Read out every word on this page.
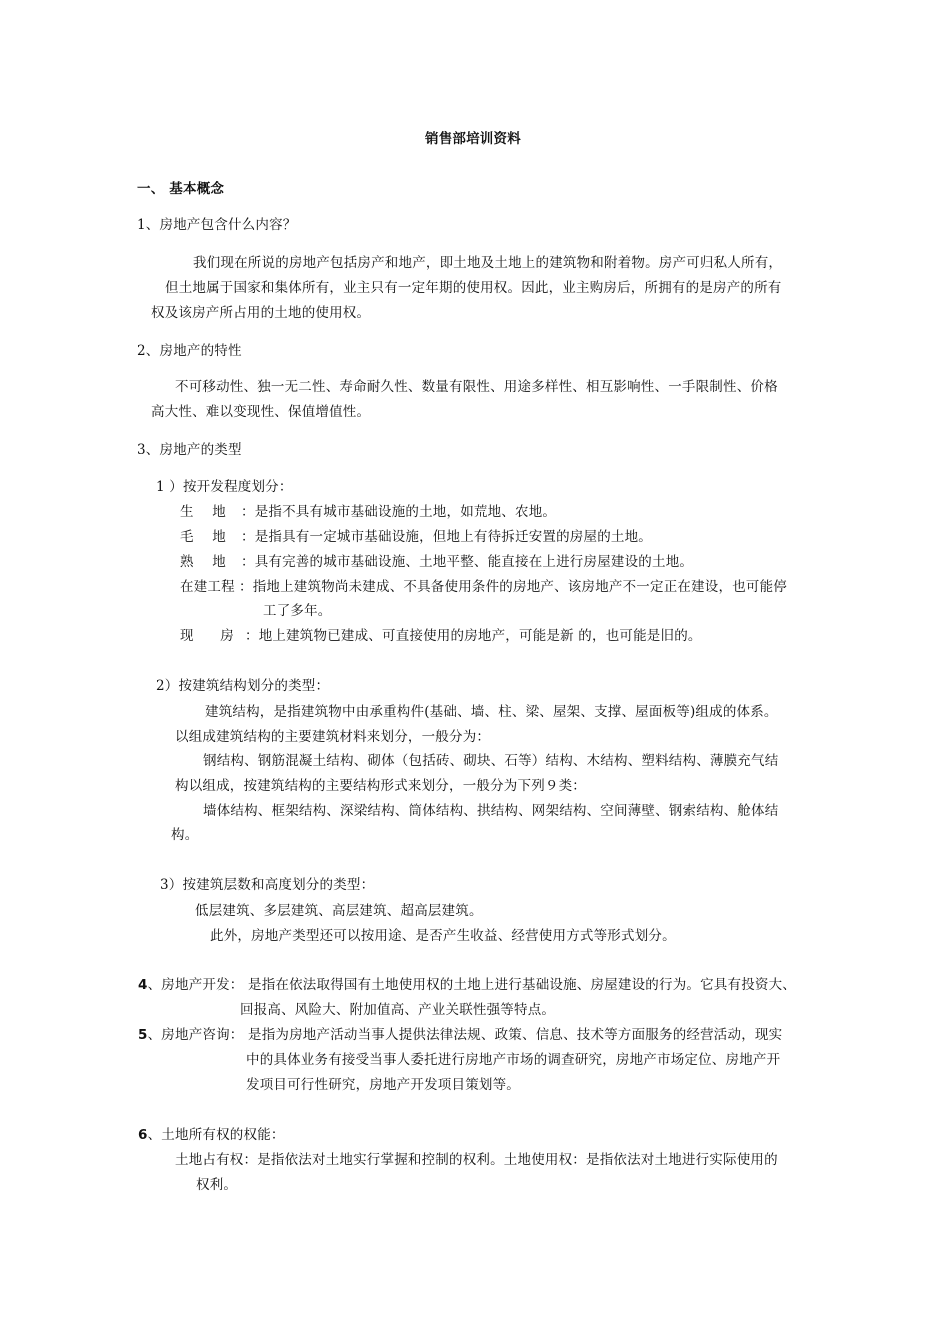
销售部培训资料
一、 基本概念
1、房地产包含什么内容？
我们现在所说的房地产包括房产和地产，即土地及土地上的建筑物和附着物。房产可归私人所有，
但土地属于国家和集体所有，业主只有一定年期的使用权。因此，业主购房后，所拥有的是房产的所有
权及该房产所占用的土地的使用权。
2、房地产的特性
不可移动性、独一无二性、寿命耐久性、数量有限性、用途多样性、相互影响性、一手限制性、价格
高大性、难以变现性、保值增值性。
3、房地产的类型
1 ）按开发程度划分：
生 地 ：是指不具有城市基础设施的土地，如荒地、农地。
毛 地 ：是指具有一定城市基础设施，但地上有待拆迁安置的房屋的土地。
熟 地 ：具有完善的城市基础设施、土地平整、能直接在上进行房屋建设的土地。
在建工程 ：指地上建筑物尚未建成、不具备使用条件的房地产、该房地产不一定正在建设，也可能停
工了多年。
现 房 ：地上建筑物已建成、可直接使用的房地产，可能是新 的，也可能是旧的。
2）按建筑结构划分的类型：
建筑结构，是指建筑物中由承重构件(基础、墙、柱、梁、屋架、支撑、屋面板等)组成的体系。
以组成建筑结构的主要建筑材料来划分，一般分为：
钢结构、钢筋混凝土结构、砌体（包括砖、砌块、石等）结构、木结构、塑料结构、薄膜充气结
构以组成，按建筑结构的主要结构形式来划分，一般分为下列９类：
墙体结构、框架结构、深梁结构、筒体结构、拱结构、网架结构、空间薄壁、钢索结构、舱体结
构。
3）按建筑层数和高度划分的类型：
低层建筑、多层建筑、高层建筑、超高层建筑。
此外，房地产类型还可以按用途、是否产生收益、经营使用方式等形式划分。
4、房地产开发： 是指在依法取得国有土地使用权的土地上进行基础设施、房屋建设的行为。它具有投资大、
回报高、风险大、附加值高、产业关联性强等特点。
5、房地产咨询： 是指为房地产活动当事人提供法律法规、政策、信息、技术等方面服务的经营活动，现实
中的具体业务有接受当事人委托进行房地产市场的调查研究，房地产市场定位、房地产开
发项目可行性研究，房地产开发项目策划等。
6、土地所有权的权能：
土地占有权：是指依法对土地实行掌握和控制的权利。土地使用权：是指依法对土地进行实际使用的
权利。
